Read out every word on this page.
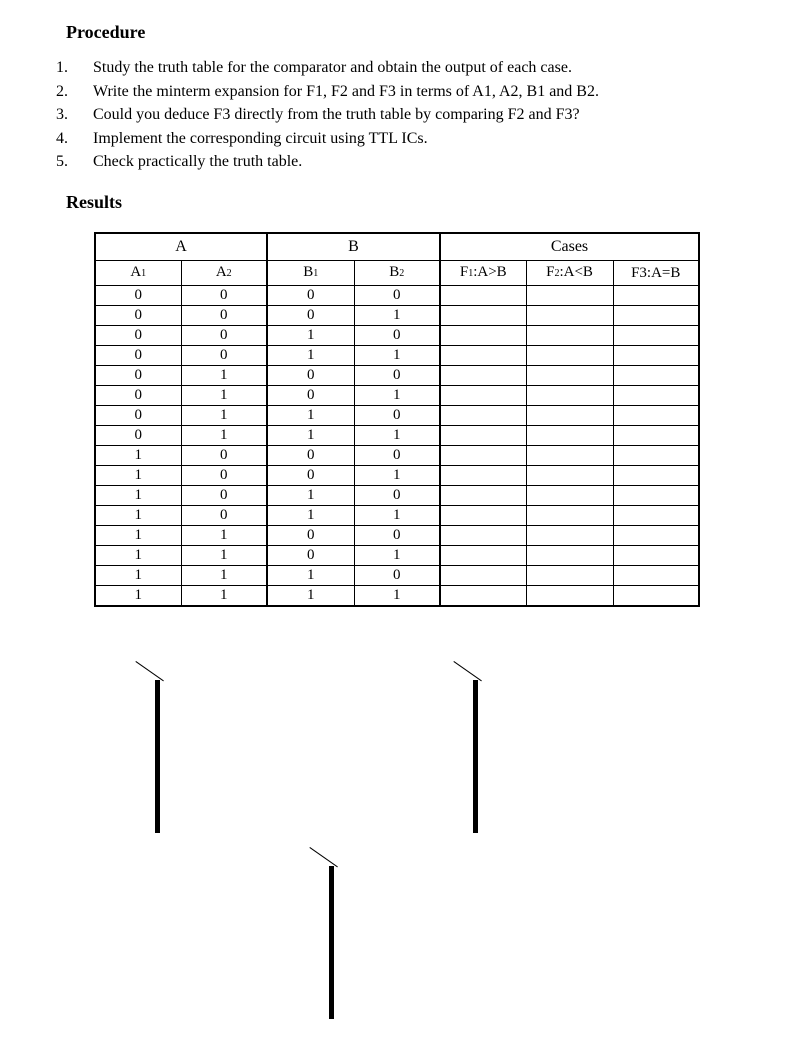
Procedure
1. Study the truth table for the comparator and obtain the output of each case.
2. Write the minterm expansion for F1, F2 and F3 in terms of A1, A2, B1 and B2.
3. Could you deduce F3 directly from the truth table by comparing F2 and F3?
4. Implement the corresponding circuit using TTL ICs.
5. Check practically the truth table.
Results
A		B		Cases		
A1	A2	B1	B2	F1:A>B	F2:A<B	F3:A=B
0	0	0	0			
0	0	0	1			
0	0	1	0			
0	0	1	1			
0	1	0	0			
0	1	0	1			
0	1	1	0			
0	1	1	1			
1	0	0	0			
1	0	0	1			
1	0	1	0			
1	0	1	1			
1	1	0	0			
1	1	0	1			
1	1	1	0			
1	1	1	1			
